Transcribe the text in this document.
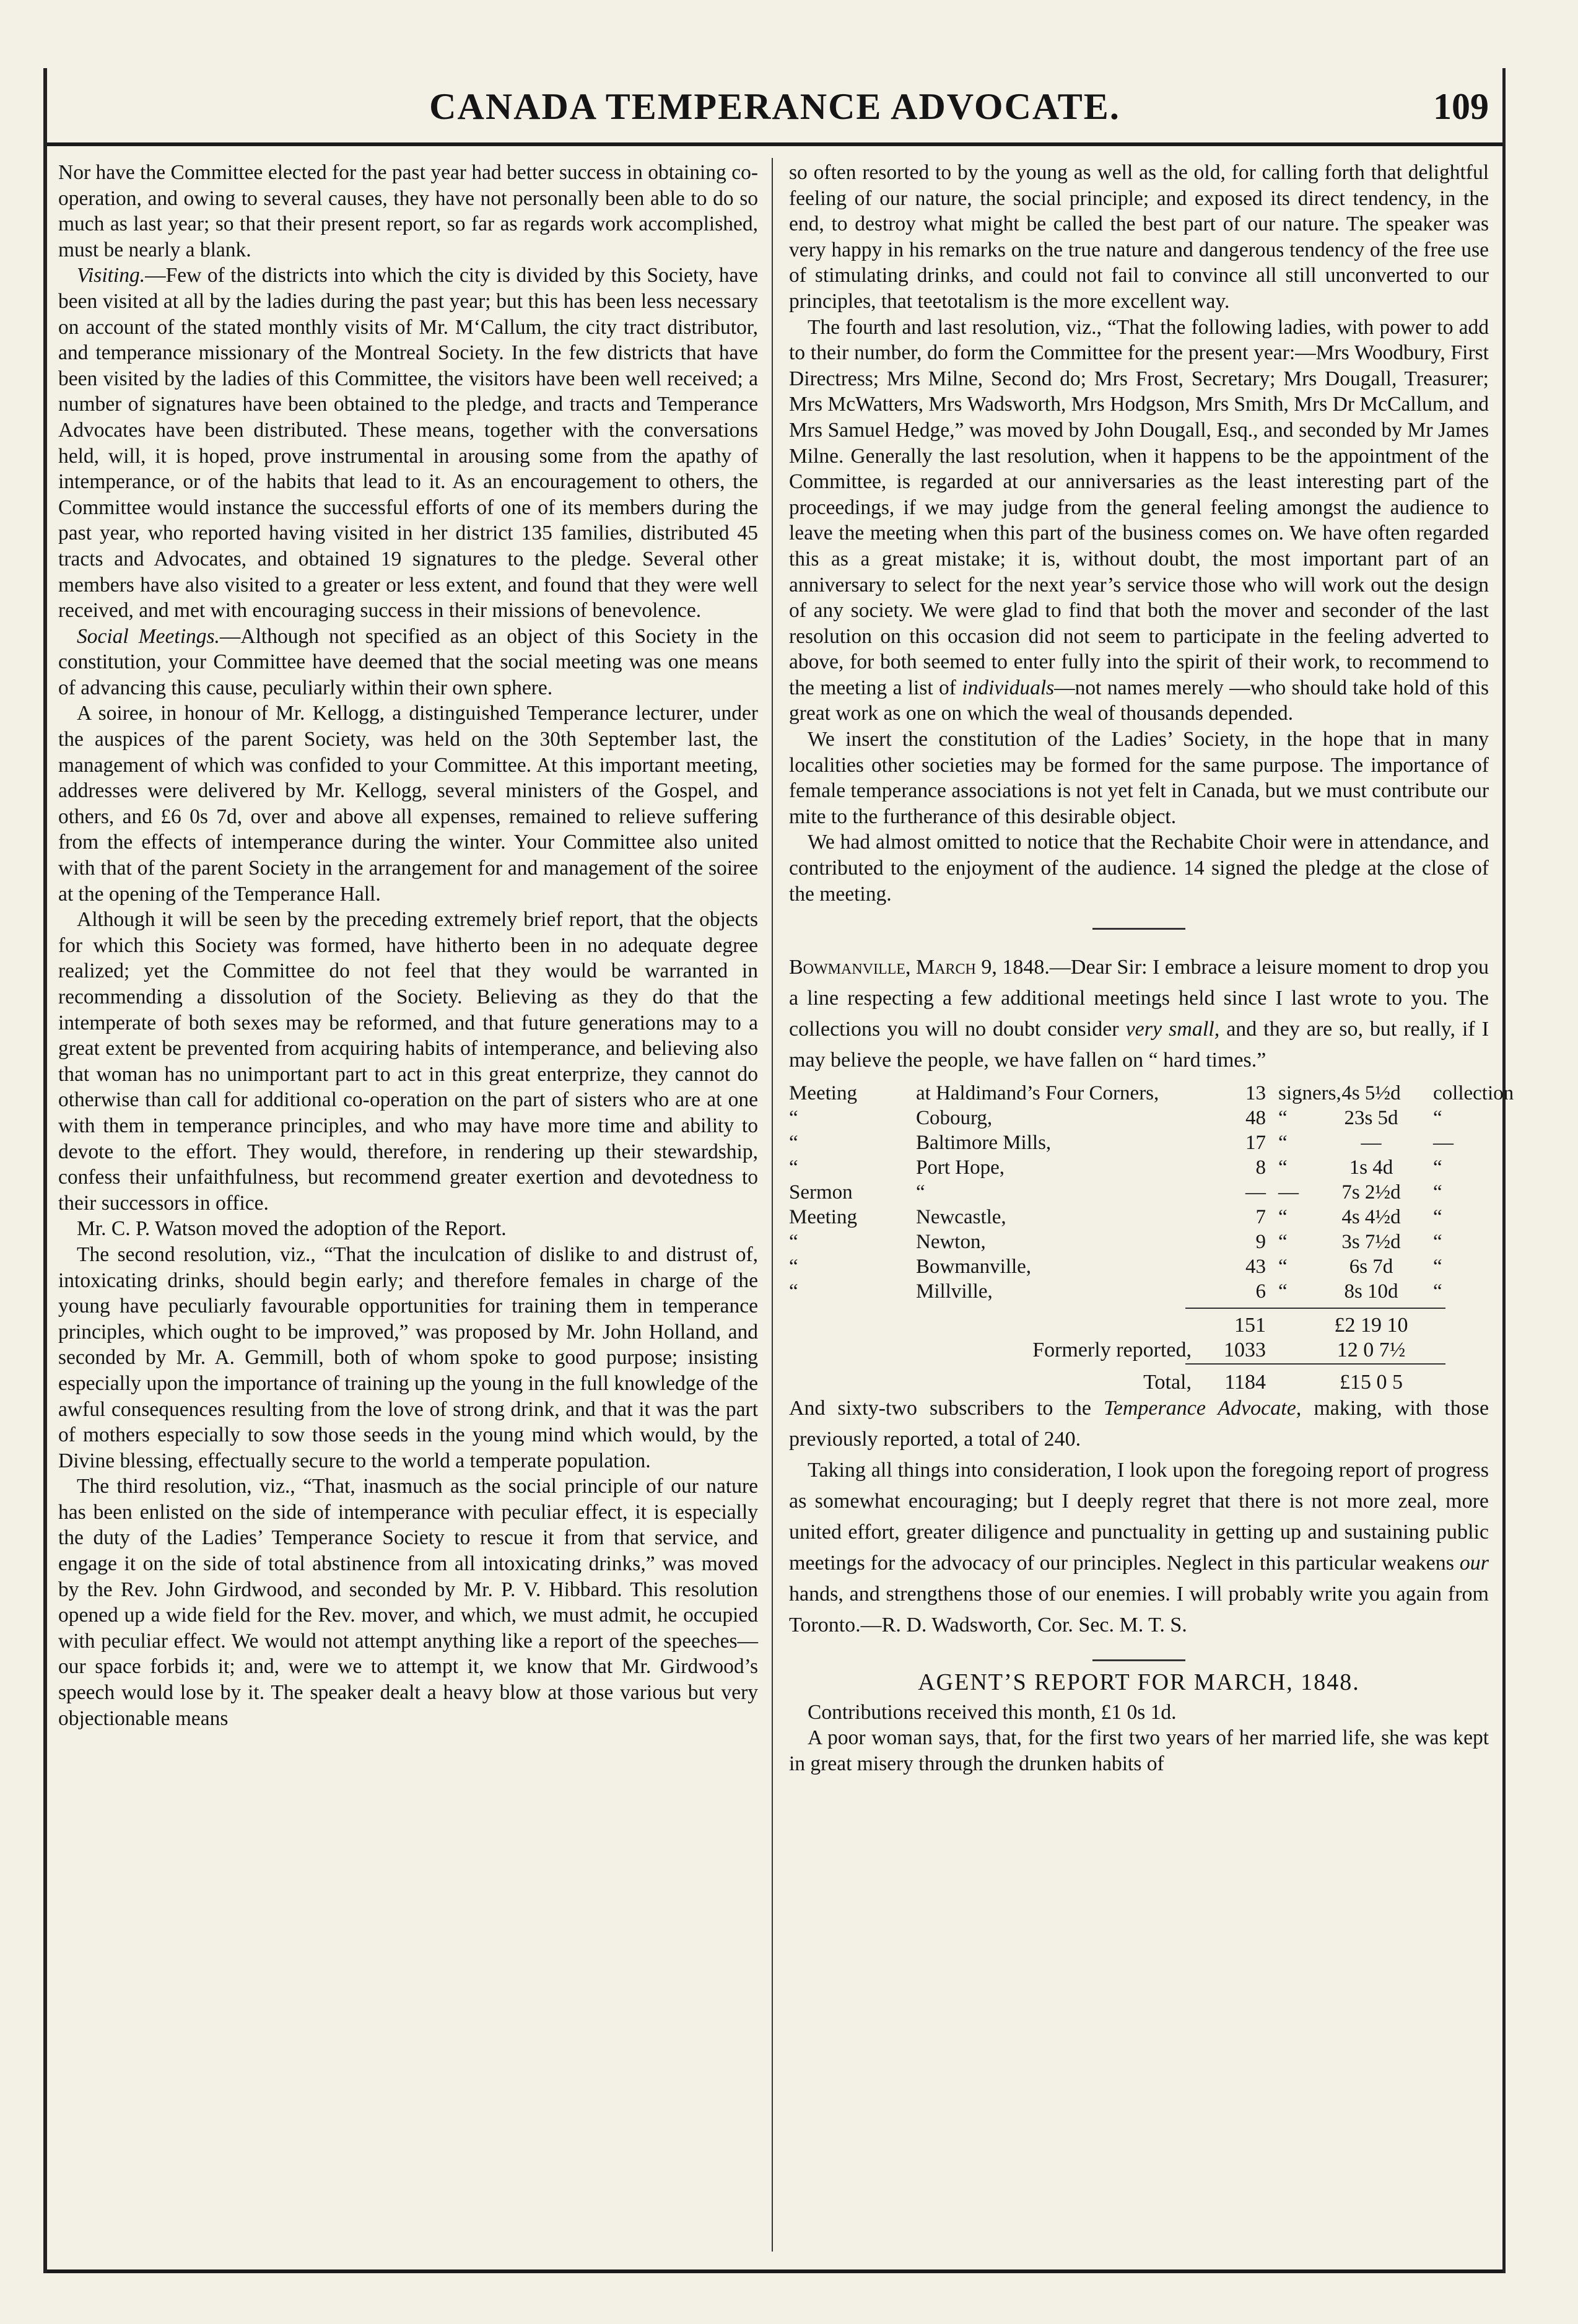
CANADA TEMPERANCE ADVOCATE.	109

Nor have the Committee elected for the past year had better success in obtaining co-operation, and owing to several causes, they have not personally been able to do so much as last year; so that their present report, so far as regards work accomplished, must be nearly a blank.

Visiting.—Few of the districts into which the city is divided by this Society, have been visited at all by the ladies during the past year; but this has been less necessary on account of the stated monthly visits of Mr. M‘Callum, the city tract distributor, and temperance missionary of the Montreal Society. In the few districts that have been visited by the ladies of this Committee, the visitors have been well received; a number of signatures have been obtained to the pledge, and tracts and Temperance Advocates have been distributed. These means, together with the conversations held, will, it is hoped, prove instrumental in arousing some from the apathy of intemperance, or of the habits that lead to it. As an encouragement to others, the Committee would instance the successful efforts of one of its members during the past year, who reported having visited in her district 135 families, distributed 45 tracts and Advocates, and obtained 19 signatures to the pledge. Several other members have also visited to a greater or less extent, and found that they were well received, and met with encouraging success in their missions of benevolence.

Social Meetings.—Although not specified as an object of this Society in the constitution, your Committee have deemed that the social meeting was one means of advancing this cause, peculiarly within their own sphere.

A soiree, in honour of Mr. Kellogg, a distinguished Temperance lecturer, under the auspices of the parent Society, was held on the 30th September last, the management of which was confided to your Committee. At this important meeting, addresses were delivered by Mr. Kellogg, several ministers of the Gospel, and others, and £6 0s 7d, over and above all expenses, remained to relieve suffering from the effects of intemperance during the winter. Your Committee also united with that of the parent Society in the arrangement for and management of the soiree at the opening of the Temperance Hall.

Although it will be seen by the preceding extremely brief report, that the objects for which this Society was formed, have hitherto been in no adequate degree realized; yet the Committee do not feel that they would be warranted in recommending a dissolution of the Society. Believing as they do that the intemperate of both sexes may be reformed, and that future generations may to a great extent be prevented from acquiring habits of intemperance, and believing also that woman has no unimportant part to act in this great enterprize, they cannot do otherwise than call for additional co-operation on the part of sisters who are at one with them in temperance principles, and who may have more time and ability to devote to the effort. They would, therefore, in rendering up their stewardship, confess their unfaithfulness, but recommend greater exertion and devotedness to their successors in office.

Mr. C. P. Watson moved the adoption of the Report.

The second resolution, viz., “That the inculcation of dislike to and distrust of, intoxicating drinks, should begin early; and therefore females in charge of the young have peculiarly favourable opportunities for training them in temperance principles, which ought to be improved,” was proposed by Mr. John Holland, and seconded by Mr. A. Gemmill, both of whom spoke to good purpose; insisting especially upon the importance of training up the young in the full knowledge of the awful consequences resulting from the love of strong drink, and that it was the part of mothers especially to sow those seeds in the young mind which would, by the Divine blessing, effectually secure to the world a temperate population.

The third resolution, viz., “That, inasmuch as the social principle of our nature has been enlisted on the side of intemperance with peculiar effect, it is especially the duty of the Ladies’ Temperance Society to rescue it from that service, and engage it on the side of total abstinence from all intoxicating drinks,” was moved by the Rev. John Girdwood, and seconded by Mr. P. V. Hibbard. This resolution opened up a wide field for the Rev. mover, and which, we must admit, he occupied with peculiar effect. We would not attempt anything like a report of the speeches—our space forbids it; and, were we to attempt it, we know that Mr. Girdwood’s speech would lose by it. The speaker dealt a heavy blow at those various but very objectionable means

so often resorted to by the young as well as the old, for calling forth that delightful feeling of our nature, the social principle; and exposed its direct tendency, in the end, to destroy what might be called the best part of our nature. The speaker was very happy in his remarks on the true nature and dangerous tendency of the free use of stimulating drinks, and could not fail to convince all still unconverted to our principles, that teetotalism is the more excellent way.

The fourth and last resolution, viz., “That the following ladies, with power to add to their number, do form the Committee for the present year:—Mrs Woodbury, First Directress; Mrs Milne, Second do; Mrs Frost, Secretary; Mrs Dougall, Treasurer; Mrs McWatters, Mrs Wadsworth, Mrs Hodgson, Mrs Smith, Mrs Dr McCallum, and Mrs Samuel Hedge,” was moved by John Dougall, Esq., and seconded by Mr James Milne. Generally the last resolution, when it happens to be the appointment of the Committee, is regarded at our anniversaries as the least interesting part of the proceedings, if we may judge from the general feeling amongst the audience to leave the meeting when this part of the business comes on. We have often regarded this as a great mistake; it is, without doubt, the most important part of an anniversary to select for the next year’s service those who will work out the design of any society. We were glad to find that both the mover and seconder of the last resolution on this occasion did not seem to participate in the feeling adverted to above, for both seemed to enter fully into the spirit of their work, to recommend to the meeting a list of individuals—not names merely —who should take hold of this great work as one on which the weal of thousands depended.

We insert the constitution of the Ladies’ Society, in the hope that in many localities other societies may be formed for the same purpose. The importance of female temperance associations is not yet felt in Canada, but we must contribute our mite to the furtherance of this desirable object.

We had almost omitted to notice that the Rechabite Choir were in attendance, and contributed to the enjoyment of the audience. 14 signed the pledge at the close of the meeting.

Bowmanville, March 9, 1848.—Dear Sir: I embrace a leisure moment to drop you a line respecting a few additional meetings held since I last wrote to you. The collections you will no doubt consider very small, and they are so, but really, if I may believe the people, we have fallen on “ hard times.”

Meeting	at Haldimand’s Four Corners,	13 signers, 4s 5½d	collection
“	Cobourg,	48 “	23s 5d	“
“	Baltimore Mills,	17 “	—	—
“	Port Hope,	8 “	1s 4d	“
Sermon	“	— —	7s 2½d	“
Meeting	Newcastle,	7 “	4s 4½d	“
“	Newton,	9 “	3s 7½d	“
“	Bowmanville,	43 “	6s 7d	“
“	Millville,	6 “	8s 10d	“
151	£2 19 10
Formerly reported,	1033	12 0 7½
Total,	1184	£15 0 5

And sixty-two subscribers to the Temperance Advocate, making, with those previously reported, a total of 240.

Taking all things into consideration, I look upon the foregoing report of progress as somewhat encouraging; but I deeply regret that there is not more zeal, more united effort, greater diligence and punctuality in getting up and sustaining public meetings for the advocacy of our principles. Neglect in this particular weakens our hands, and strengthens those of our enemies. I will probably write you again from Toronto.—R. D. Wadsworth, Cor. Sec. M. T. S.

AGENT’S REPORT FOR MARCH, 1848.

Contributions received this month, £1 0s 1d.

A poor woman says, that, for the first two years of her married life, she was kept in great misery through the drunken habits of
